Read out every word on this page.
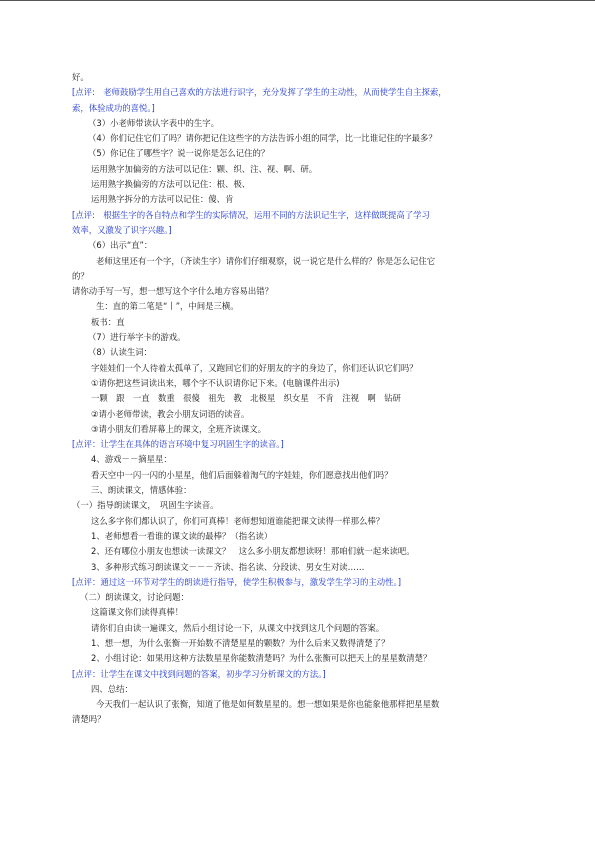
好。

[点评:　老师鼓励学生用自己喜欢的方法进行识字，充分发挥了学生的主动性，从而使学生自主探索，

索，体验成功的喜悦。]

（3）小老师带读认字表中的生字。

（4）你们记住它们了吗？请你把记住这些字的方法告诉小组的同学，比一比谁记住的字最多？

（5）你记住了哪些字？说一说你是怎么记住的？

运用熟字加偏旁的方法可以记住：颗、织、注、视、啊、研。

运用熟字换偏旁的方法可以记住：根、极、

运用熟字拆分的方法可以记住：傻、肯

[点评:　根据生字的各自特点和学生的实际情况，运用不同的方法识记生字，这样做既提高了学习

效率，又激发了识字兴趣。]

（6）出示“直”：

老师这里还有一个字，（齐读生字）请你们仔细观察，说一说它是什么样的？你是怎么记住它

的？

请你动手写一写，想一想写这个字什么地方容易出错？

生：直的第二笔是“丨”，中间是三横。

板书：直

（7）进行举字卡的游戏。

（8）认读生词：

字娃娃们一个人待着太孤单了，又跑回它们的好朋友的字的身边了，你们还认识它们吗？

①请你把这些词读出来，哪个字不认识请你记下来。(电脑课件出示)

一颗　跟　一直　数重　很傻　祖先　教　北极星　织女星　不肯　注视　啊　钻研

②请小老师带读，教会小朋友词语的读音。

③请小朋友们看屏幕上的课文，全班齐读课文。

[点评：让学生在具体的语言环境中复习巩固生字的读音。]

4、游戏－－摘星星：

看天空中一闪一闪的小星星，他们后面躲着淘气的字娃娃，你们愿意找出他们吗？

三、朗读课文，情感体验：

（一）指导朗读课文，　巩固生字读音。

这么多字你们都认识了，你们可真棒！老师想知道谁能把课文读得一样那么棒？

1、老师想看一看谁的课文读的最棒？（指名读）

2、还有哪位小朋友也想读一读课文？　这么多小朋友都想读呀！那咱们就一起来读吧。

3、多种形式练习朗读课文－－－齐读、指名读、分段读、男女生对读……

[点评：通过这一环节对学生的朗读进行指导，使学生积极参与，激发学生学习的主动性。]

（二）朗读课文，讨论问题：

这篇课文你们读得真棒！

请你们自由读一遍课文，然后小组讨论一下，从课文中找到这几个问题的答案。

1、想一想，为什么张衡一开始数不清楚星星的颗数？为什么后来又数得清楚了？

2、小组讨论：如果用这种方法数星星你能数清楚吗？为什么张衡可以把天上的星星数清楚？

[点评：让学生在课文中找到问题的答案，初步学习分析课文的方法。]

四、总结：

今天我们一起认识了张衡，知道了他是如何数星星的。想一想如果是你也能象他那样把星星数

清楚吗？
